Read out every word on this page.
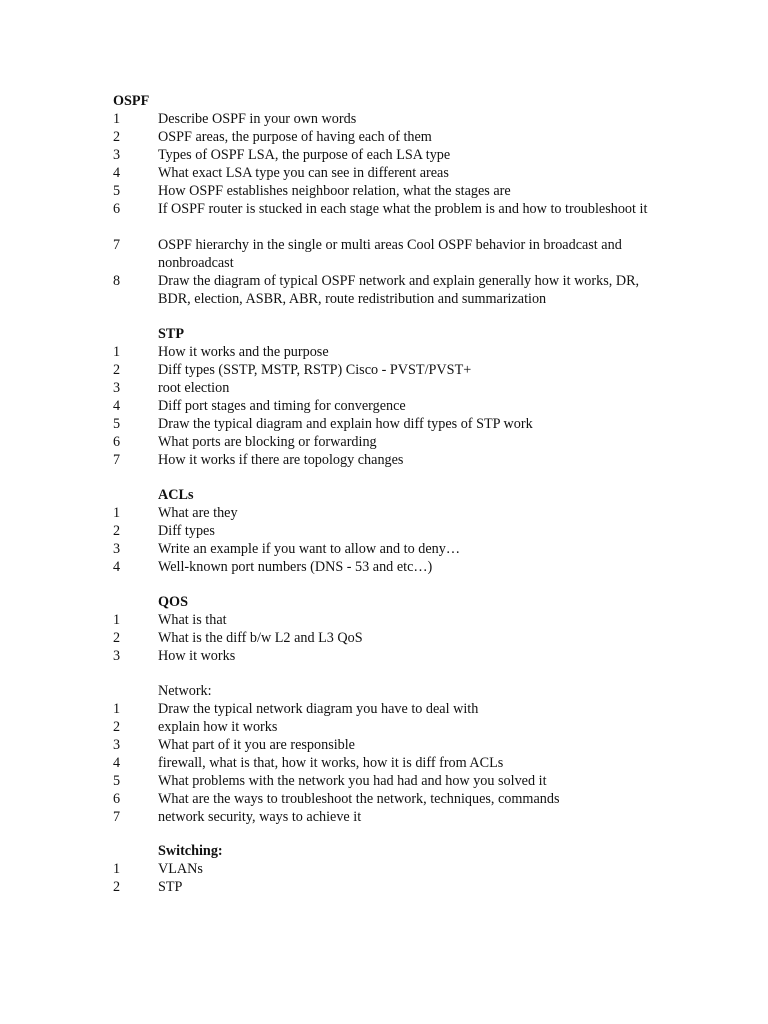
OSPF
1	Describe OSPF in your own words
2	OSPF areas, the purpose of having each of them
3	Types of OSPF LSA, the purpose of each LSA type
4	What exact LSA type you can see in different areas
5	How OSPF establishes neighboor relation, what the stages are
6	If OSPF router is stucked in each stage what the problem is and how to troubleshoot it
7	OSPF hierarchy in the single or multi areas Cool OSPF behavior in broadcast and nonbroadcast
8	Draw the diagram of typical OSPF network and explain generally how it works, DR, BDR, election, ASBR, ABR, route redistribution and summarization
STP
1	How it works and the purpose
2	Diff types (SSTP, MSTP, RSTP) Cisco - PVST/PVST+
3	root election
4	Diff port stages and timing for convergence
5	Draw the typical diagram and explain how diff types of STP work
6	What ports are blocking or forwarding
7	How it works if there are topology changes
ACLs
1	What are they
2	Diff types
3	Write an example if you want to allow and to deny…
4	Well-known port numbers (DNS - 53 and etc…)
QOS
1	What is that
2	What is the diff b/w L2 and L3 QoS
3	How it works
Network:
1	Draw the typical network diagram you have to deal with
2	explain how it works
3	What part of it you are responsible
4	firewall, what is that, how it works, how it is diff from ACLs
5	What problems with the network you had had and how you solved it
6	What are the ways to troubleshoot the network, techniques, commands
7	network security, ways to achieve it
Switching:
1	VLANs
2	STP
